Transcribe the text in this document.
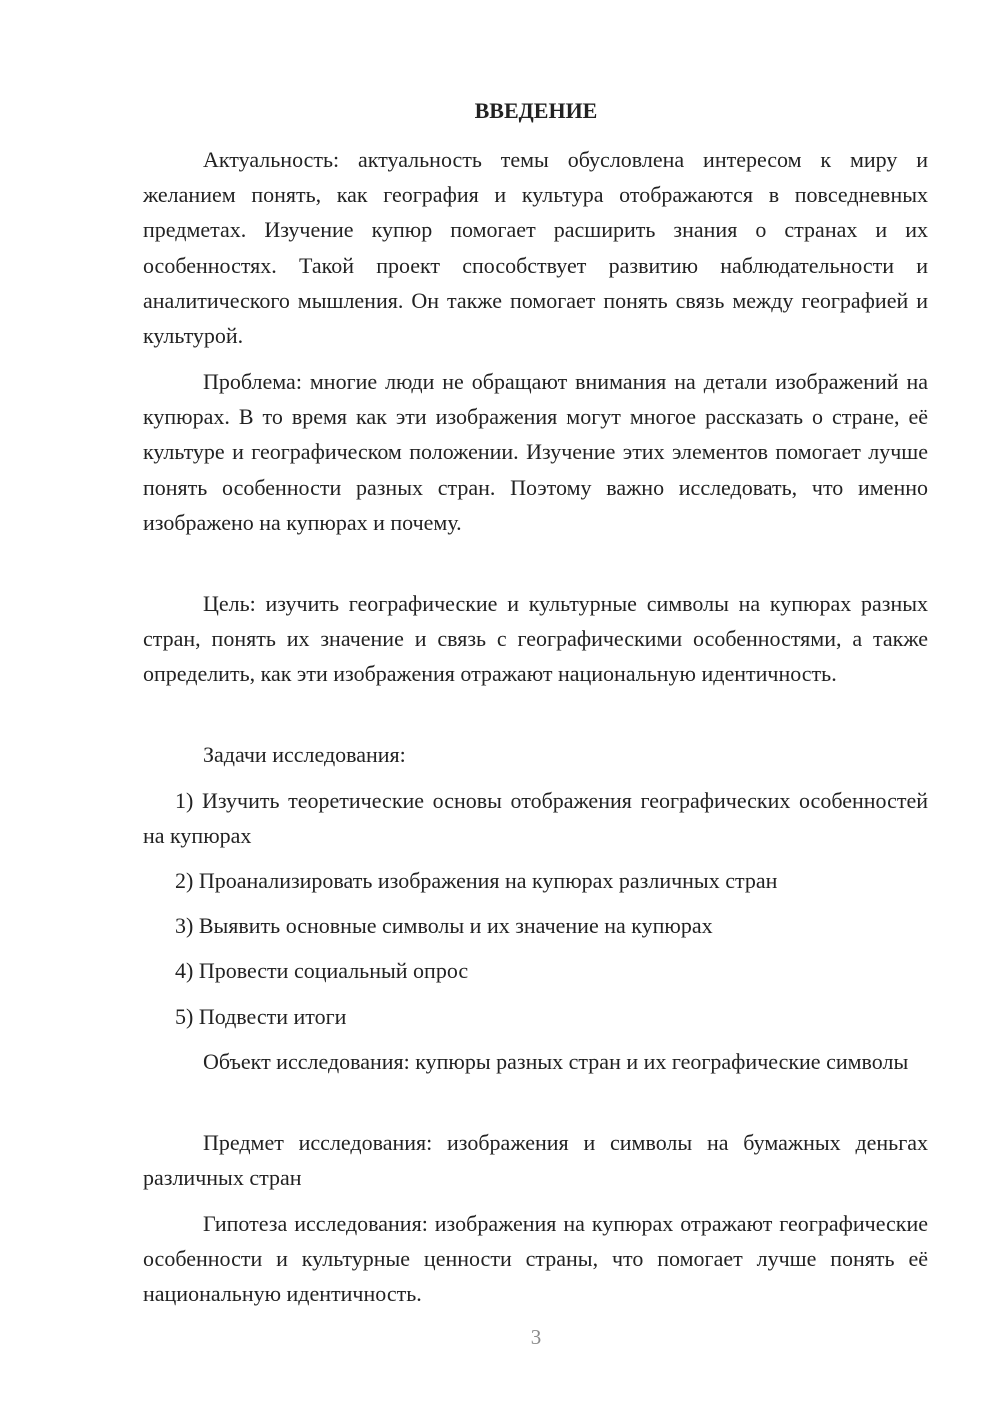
ВВЕДЕНИЕ

Актуальность: актуальность темы обусловлена интересом к миру и желанием понять, как география и культура отображаются в повседневных предметах. Изучение купюр помогает расширить знания о странах и их особенностях. Такой проект способствует развитию наблюдательности и аналитического мышления. Он также помогает понять связь между географией и культурой.

Проблема: многие люди не обращают внимания на детали изображений на купюрах. В то время как эти изображения могут многое рассказать о стране, её культуре и географическом положении. Изучение этих элементов помогает лучше понять особенности разных стран. Поэтому важно исследовать, что именно изображено на купюрах и почему.

Цель: изучить географические и культурные символы на купюрах разных стран, понять их значение и связь с географическими особенностями, а также определить, как эти изображения отражают национальную идентичность.

Задачи исследования:

1) Изучить теоретические основы отображения географических особенностей на купюрах

2) Проанализировать изображения на купюрах различных стран

3) Выявить основные символы и их значение на купюрах

4) Провести социальный опрос

5) Подвести итоги

Объект исследования: купюры разных стран и их географические символы

Предмет исследования: изображения и символы на бумажных деньгах различных стран

Гипотеза исследования: изображения на купюрах отражают географические особенности и культурные ценности страны, что помогает лучше понять её национальную идентичность.

3
